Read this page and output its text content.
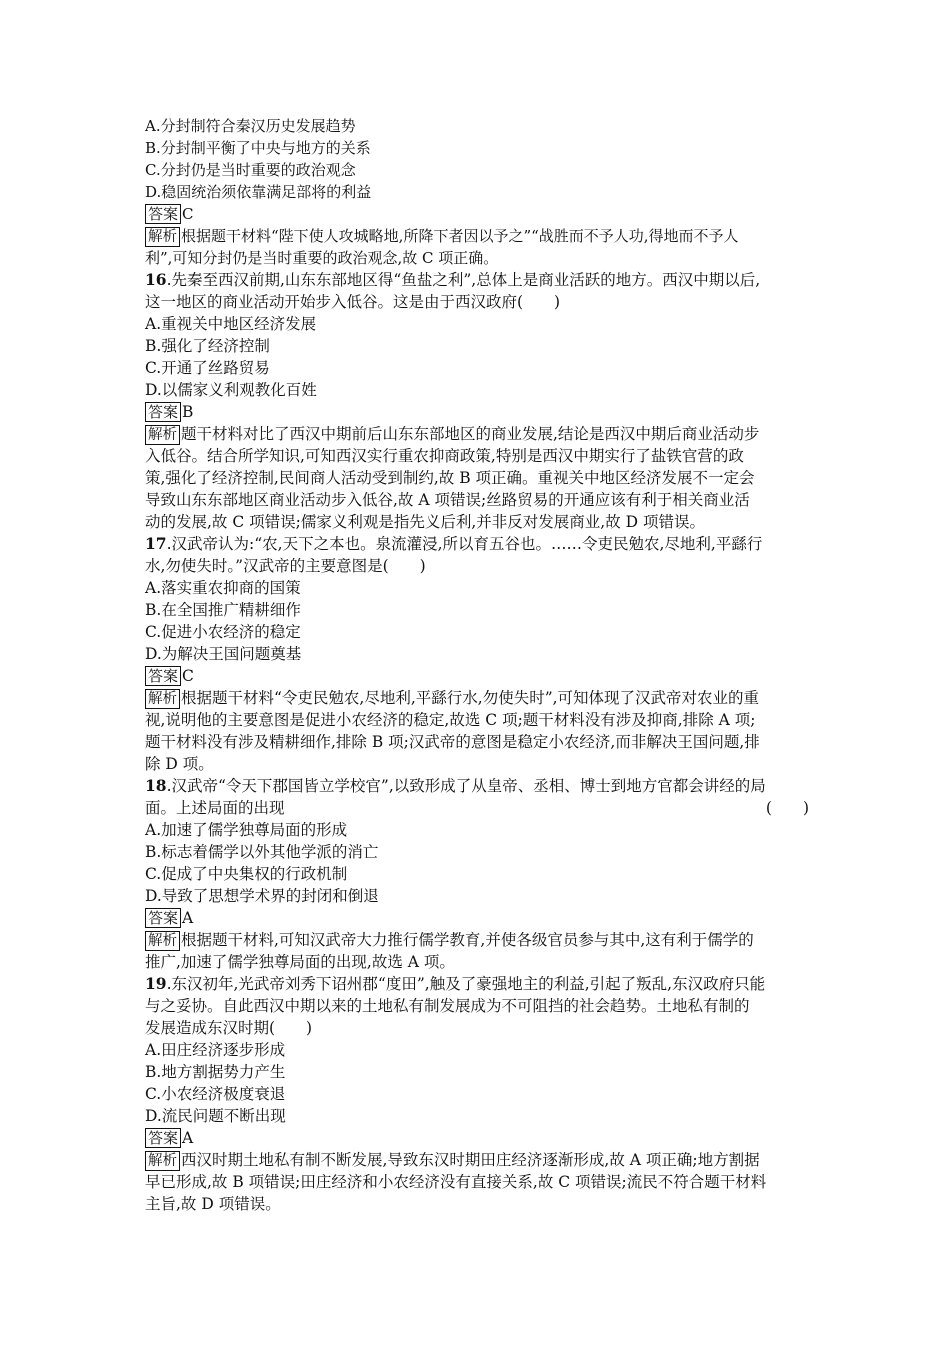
A.分封制符合秦汉历史发展趋势
B.分封制平衡了中央与地方的关系
C.分封仍是当时重要的政治观念
D.稳固统治须依靠满足部将的利益
答案 C
解析 根据题干材料“陛下使人攻城略地,所降下者因以予之”“战胜而不予人功,得地而不予人
利”,可知分封仍是当时重要的政治观念,故 C 项正确。
16.先秦至西汉前期,山东东部地区得“鱼盐之利”,总体上是商业活跃的地方。西汉中期以后,
这一地区的商业活动开始步入低谷。这是由于西汉政府(　　)
A.重视关中地区经济发展
B.强化了经济控制
C.开通了丝路贸易
D.以儒家义利观教化百姓
答案 B
解析 题干材料对比了西汉中期前后山东东部地区的商业发展,结论是西汉中期后商业活动步
入低谷。结合所学知识,可知西汉实行重农抑商政策,特别是西汉中期实行了盐铁官营的政
策,强化了经济控制,民间商人活动受到制约,故 B 项正确。重视关中地区经济发展不一定会
导致山东东部地区商业活动步入低谷,故 A 项错误;丝路贸易的开通应该有利于相关商业活
动的发展,故 C 项错误;儒家义利观是指先义后利,并非反对发展商业,故 D 项错误。
17.汉武帝认为:“农,天下之本也。泉流灌浸,所以育五谷也。……令吏民勉农,尽地利,平繇行
水,勿使失时。”汉武帝的主要意图是(　　)
A.落实重农抑商的国策
B.在全国推广精耕细作
C.促进小农经济的稳定
D.为解决王国问题奠基
答案 C
解析 根据题干材料“令吏民勉农,尽地利,平繇行水,勿使失时”,可知体现了汉武帝对农业的重
视,说明他的主要意图是促进小农经济的稳定,故选 C 项;题干材料没有涉及抑商,排除 A 项;
题干材料没有涉及精耕细作,排除 B 项;汉武帝的意图是稳定小农经济,而非解决王国问题,排
除 D 项。
18.汉武帝“令天下郡国皆立学校官”,以致形成了从皇帝、丞相、博士到地方官都会讲经的局
面。上述局面的出现	(　　)
A.加速了儒学独尊局面的形成
B.标志着儒学以外其他学派的消亡
C.促成了中央集权的行政机制
D.导致了思想学术界的封闭和倒退
答案 A
解析 根据题干材料,可知汉武帝大力推行儒学教育,并使各级官员参与其中,这有利于儒学的
推广,加速了儒学独尊局面的出现,故选 A 项。
19.东汉初年,光武帝刘秀下诏州郡“度田”,触及了豪强地主的利益,引起了叛乱,东汉政府只能
与之妥协。自此西汉中期以来的土地私有制发展成为不可阻挡的社会趋势。土地私有制的
发展造成东汉时期(　　)
A.田庄经济逐步形成
B.地方割据势力产生
C.小农经济极度衰退
D.流民问题不断出现
答案 A
解析 西汉时期土地私有制不断发展,导致东汉时期田庄经济逐渐形成,故 A 项正确;地方割据
早已形成,故 B 项错误;田庄经济和小农经济没有直接关系,故 C 项错误;流民不符合题干材料
主旨,故 D 项错误。
